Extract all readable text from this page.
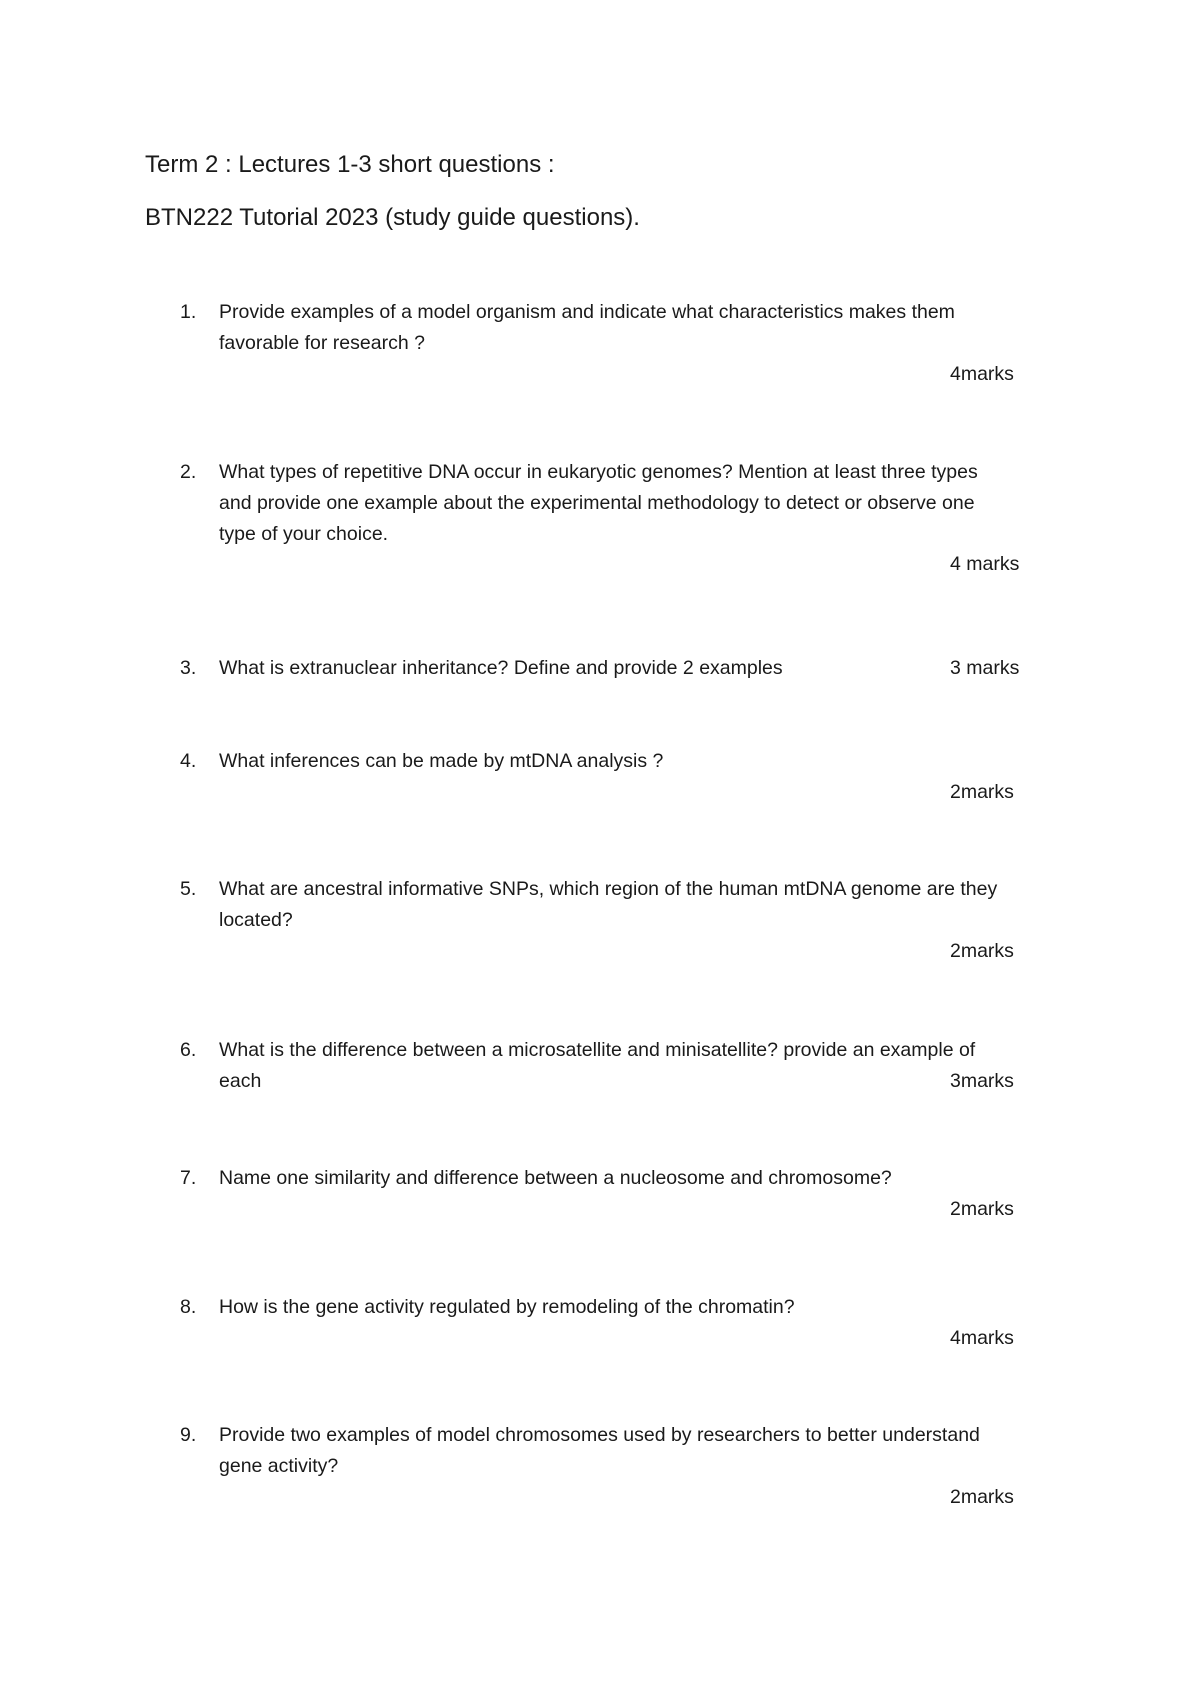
Term 2 : Lectures 1-3 short questions :
BTN222 Tutorial 2023 (study guide questions).
1.	Provide examples of a model organism and indicate what characteristics makes them
favorable for research ?
4marks
2.	What types of repetitive DNA occur in eukaryotic genomes? Mention at least three types
and provide one example about the experimental methodology to detect or observe one
type of your choice.
4 marks
3.	What is extranuclear inheritance? Define and provide 2 examples	3 marks
4.	What inferences can be made by mtDNA analysis ?
2marks
5.	What are ancestral informative SNPs, which region of the human mtDNA genome are they
located?
2marks
6.	What is the difference between a microsatellite and minisatellite? provide an example of
each	3marks
7.	Name one similarity and difference between a nucleosome and chromosome?
2marks
8.	How is the gene activity regulated by remodeling of the chromatin?
4marks
9.	Provide two examples of model chromosomes used by researchers to better understand
gene activity?
2marks
